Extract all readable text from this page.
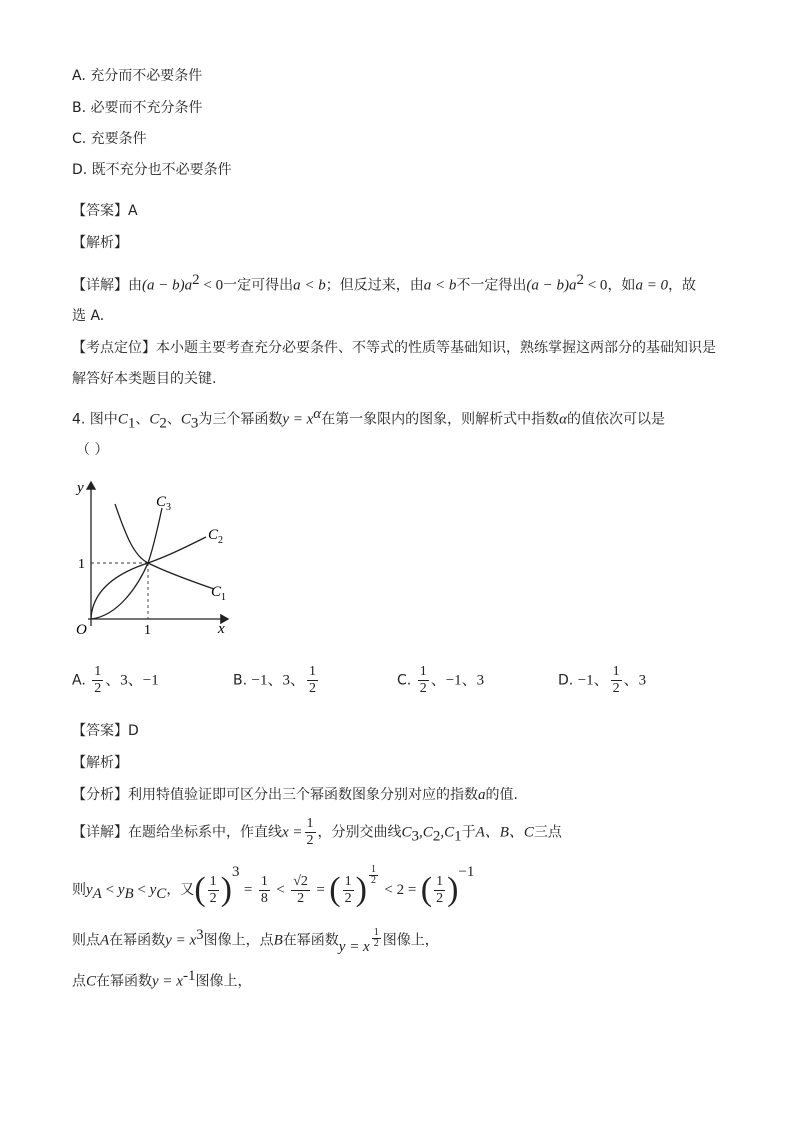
A. 充分而不必要条件
B. 必要而不充分条件
C. 充要条件
D. 既不充分也不必要条件
【答案】A
【解析】
【详解】由$(a - b)a^2 < 0$一定可得出a < b；但反过来，由a < b不一定得出$(a - b)a^2 < 0$，如a = 0，故
选 A.
【考点定位】本小题主要考查充分必要条件、不等式的性质等基础知识，熟练掌握这两部分的基础知识是
解答好本类题目的关键.
4. 图中$C_1$、$C_2$、$C_3$为三个幂函数$y = x^\alpha$在第一象限内的图象，则解析式中指数α的值依次可以是
（ ）
y
x
O
1
1
$C_3$
$C_2$
$C_1$
A. $\frac{1}{2}$ 、3、−1	B. −1、3、 $\frac{1}{2}$	C. $\frac{1}{2}$ 、−1、3	D. −1、 $\frac{1}{2}$ 、3
【答案】D
【解析】
【分析】利用特值验证即可区分出三个幂函数图象分别对应的指数a的值.
【详解】在题给坐标系中，作直线$x = \frac{1}{2}$ ，分别交曲线$C_3,C_2,C_1$于A、B、C三点
则$y_A < y_B < y_C$，又( $\frac{1}{2} )^3 = \frac{1}{8} < \frac{√2}{2}$ = ( $\frac{1}{2}$ ) $\frac{1}{2}$
< 2 = ( $\frac{1}{2} )^{-1}$
则点A在幂函数$y = x^3$图像上，点B在幂函数y = x $\frac{1}{2}$ 图像上，
点C在幂函数$y = x^{-1}$图像上，
